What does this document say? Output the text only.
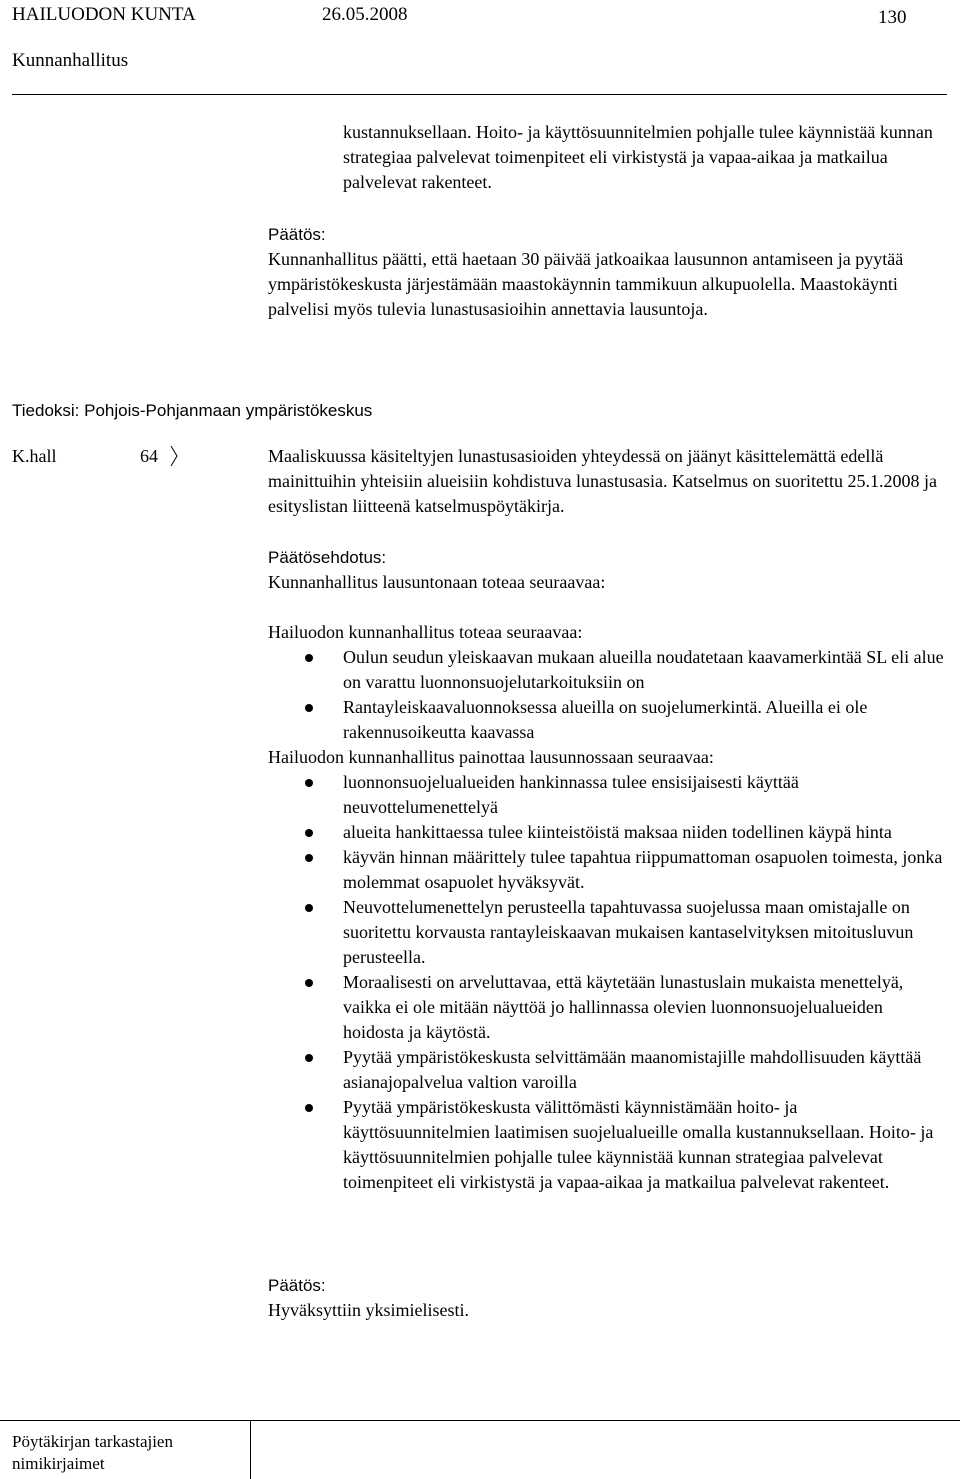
HAILUODON KUNTA	26.05.2008	130
Kunnanhallitus
kustannuksellaan. Hoito- ja käyttösuunnitelmien pohjalle tulee käynnistää kunnan strategiaa palvelevat toimenpiteet eli virkistystä ja vapaa-aikaa ja matkailua palvelevat rakenteet.
Päätös:
Kunnanhallitus päätti, että haetaan 30 päivää jatkoaikaa lausunnon antamiseen ja pyytää ympäristökeskusta järjestämään maastokäynnin tammikuun alkupuolella. Maastokäynti palvelisi myös tulevia lunastusasioihin annettavia lausuntoja.
Tiedoksi: Pohjois-Pohjanmaan ympäristökeskus
K.hall	64	Maaliskuussa käsiteltyjen lunastusasioiden yhteydessä on jäänyt käsittelemättä edellä mainittuihin yhteisiin alueisiin kohdistuva lunastusasia. Katselmus on suoritettu 25.1.2008 ja esityslistan liitteenä katselmuspöytäkirja.
Päätösehdotus:
Kunnanhallitus lausuntonaan toteaa seuraavaa:
Hailuodon kunnanhallitus toteaa seuraavaa:
Oulun seudun yleiskaavan mukaan alueilla noudatetaan kaavamerkintää SL eli alue on varattu luonnonsuojelutarkoituksiin on
Rantayleiskaavaluonnoksessa alueilla on suojelumerkintä. Alueilla ei ole rakennusoikeutta kaavassa
Hailuodon kunnanhallitus painottaa lausunnossaan seuraavaa:
luonnonsuojelualueiden hankinnassa tulee ensisijaisesti käyttää neuvottelumenettelyä
alueita hankittaessa tulee kiinteistöistä maksaa niiden todellinen käypä hinta
käyvän hinnan määrittely tulee tapahtua riippumattoman osapuolen toimesta, jonka molemmat osapuolet hyväksyvät.
Neuvottelumenettelyn perusteella tapahtuvassa suojelussa maan omistajalle on suoritettu korvausta rantayleiskaavan mukaisen kantaselvityksen mitoitusluvun perusteella.
Moraalisesti on arveluttavaa, että käytetään lunastuslain mukaista menettelyä, vaikka ei ole mitään näyttöä jo hallinnassa olevien luonnonsuojelualueiden hoidosta ja käytöstä.
Pyytää ympäristökeskusta selvittämään maanomistajille mahdollisuuden käyttää asianajopalvelua valtion varoilla
Pyytää ympäristökeskusta välittömästi käynnistämään hoito- ja käyttösuunnitelmien laatimisen suojelualueille omalla kustannuksellaan. Hoito- ja käyttösuunnitelmien pohjalle tulee käynnistää kunnan strategiaa palvelevat toimenpiteet eli virkistystä ja vapaa-aikaa ja matkailua palvelevat rakenteet.
Päätös:
Hyväksyttiin yksimielisesti.
Pöytäkirjan tarkastajien nimikirjaimet
